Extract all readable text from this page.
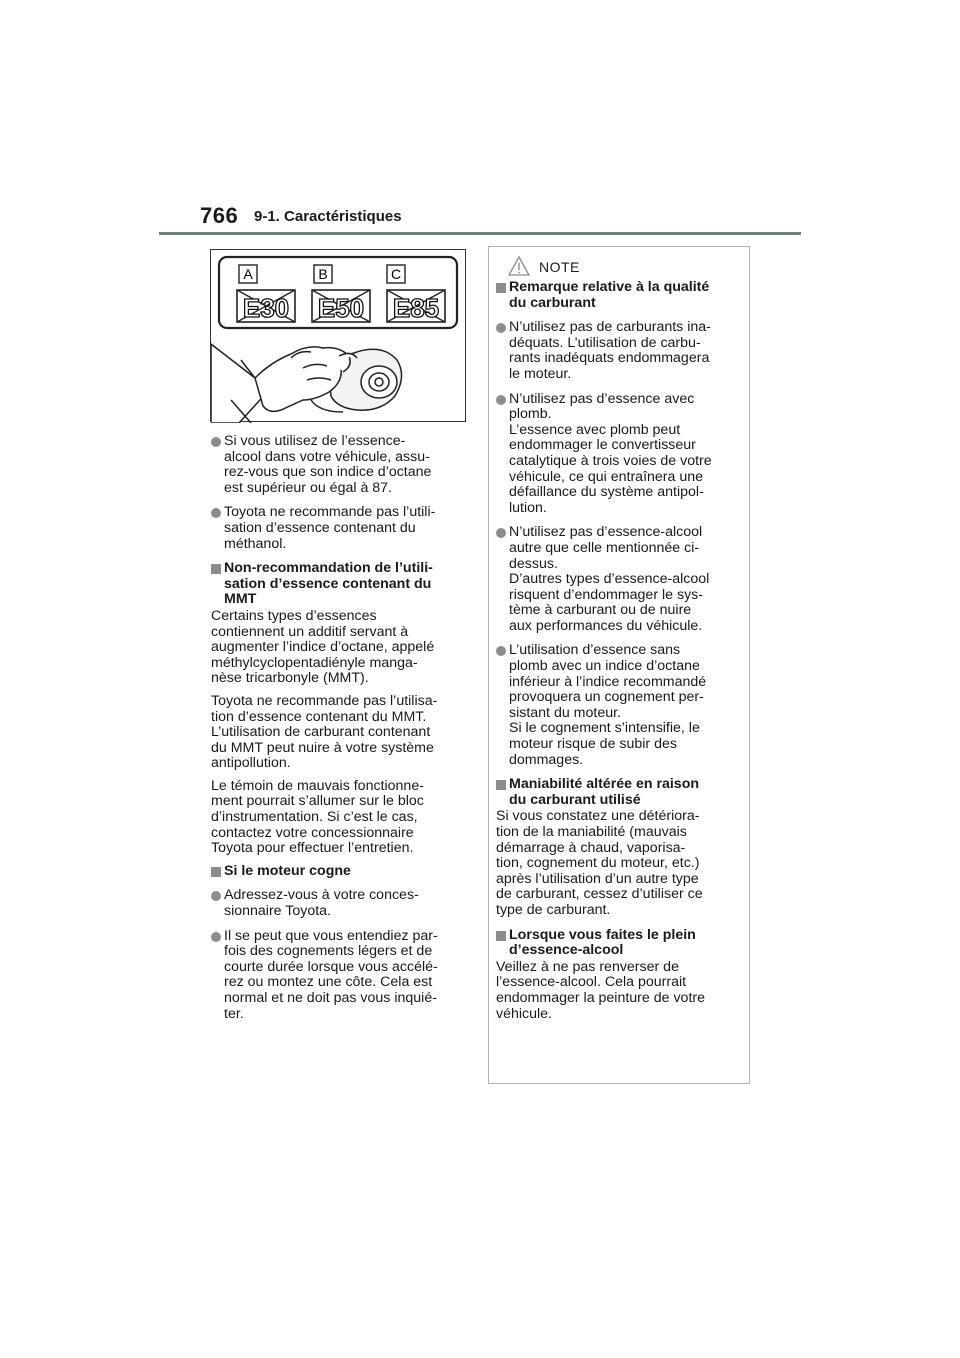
766 9-1. Caractéristiques
A	B	C
E30 E50 E85
Si vous utilisez de l’essence-
alcool dans votre véhicule, assu-
rez-vous que son indice d’octane
est supérieur ou égal à 87.
Toyota ne recommande pas l’utili-
sation d’essence contenant du
méthanol.
Non-recommandation de l’utili-
sation d’essence contenant du
MMT
Certains types d’essences
contiennent un additif servant à
augmenter l’indice d’octane, appelé
méthylcyclopentadiényle manga-
nèse tricarbonyle (MMT).
Toyota ne recommande pas l’utilisa-
tion d’essence contenant du MMT.
L’utilisation de carburant contenant
du MMT peut nuire à votre système
antipollution.
Le témoin de mauvais fonctionne-
ment pourrait s’allumer sur le bloc
d’instrumentation. Si c’est le cas,
contactez votre concessionnaire
Toyota pour effectuer l’entretien.
Si le moteur cogne
Adressez-vous à votre conces-
sionnaire Toyota.
Il se peut que vous entendiez par-
fois des cognements légers et de
courte durée lorsque vous accélé-
rez ou montez une côte. Cela est
normal et ne doit pas vous inquié-
ter.
NOTE
Remarque relative à la qualité
du carburant
N’utilisez pas de carburants ina-
déquats. L’utilisation de carbu-
rants inadéquats endommagera
le moteur.
N’utilisez pas d’essence avec
plomb.
L’essence avec plomb peut
endommager le convertisseur
catalytique à trois voies de votre
véhicule, ce qui entraînera une
défaillance du système antipol-
lution.
N’utilisez pas d’essence-alcool
autre que celle mentionnée ci-
dessus.
D’autres types d’essence-alcool
risquent d’endommager le sys-
tème à carburant ou de nuire
aux performances du véhicule.
L’utilisation d’essence sans
plomb avec un indice d’octane
inférieur à l’indice recommandé
provoquera un cognement per-
sistant du moteur.
Si le cognement s’intensifie, le
moteur risque de subir des
dommages.
Maniabilité altérée en raison
du carburant utilisé
Si vous constatez une détériora-
tion de la maniabilité (mauvais
démarrage à chaud, vaporisa-
tion, cognement du moteur, etc.)
après l’utilisation d’un autre type
de carburant, cessez d’utiliser ce
type de carburant.
Lorsque vous faites le plein
d’essence-alcool
Veillez à ne pas renverser de
l’essence-alcool. Cela pourrait
endommager la peinture de votre
véhicule.
